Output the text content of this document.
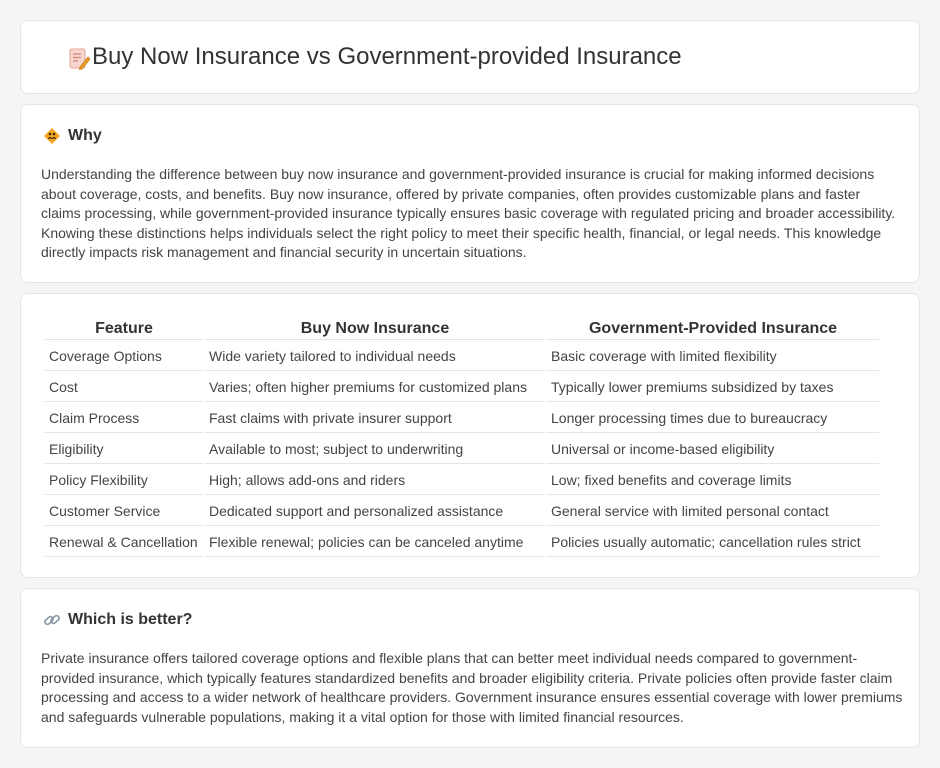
Buy Now Insurance vs Government-provided Insurance
Why

Understanding the difference between buy now insurance and government-provided insurance is crucial for making informed decisions about coverage, costs, and benefits. Buy now insurance, offered by private companies, often provides customizable plans and faster claims processing, while government-provided insurance typically ensures basic coverage with regulated pricing and broader accessibility. Knowing these distinctions helps individuals select the right policy to meet their specific health, financial, or legal needs. This knowledge directly impacts risk management and financial security in uncertain situations.

Feature	Buy Now Insurance	Government-Provided Insurance
Coverage Options	Wide variety tailored to individual needs	Basic coverage with limited flexibility
Cost	Varies; often higher premiums for customized plans	Typically lower premiums subsidized by taxes
Claim Process	Fast claims with private insurer support	Longer processing times due to bureaucracy
Eligibility	Available to most; subject to underwriting	Universal or income-based eligibility
Policy Flexibility	High; allows add-ons and riders	Low; fixed benefits and coverage limits
Customer Service	Dedicated support and personalized assistance	General service with limited personal contact
Renewal & Cancellation	Flexible renewal; policies can be canceled anytime	Policies usually automatic; cancellation rules strict
Which is better?

Private insurance offers tailored coverage options and flexible plans that can better meet individual needs compared to government-provided insurance, which typically features standardized benefits and broader eligibility criteria. Private policies often provide faster claim processing and access to a wider network of healthcare providers. Government insurance ensures essential coverage with lower premiums and safeguards vulnerable populations, making it a vital option for those with limited financial resources.
